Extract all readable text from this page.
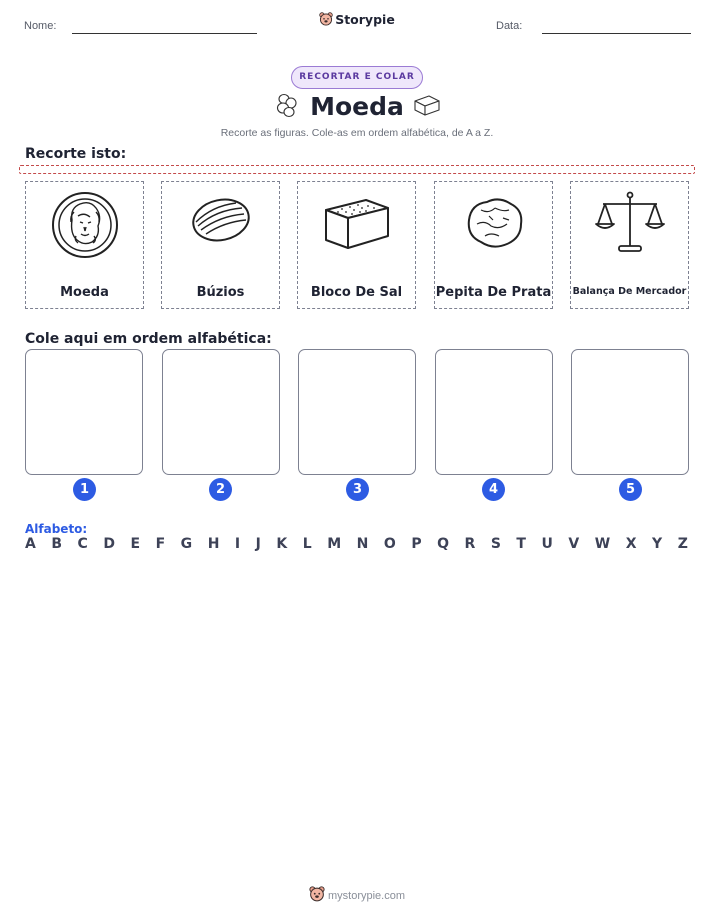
Nome:	Storypie	Data:
RECORTAR E COLAR
Moeda
Recorte as figuras. Cole-as em ordem alfabética, de A a Z.
Recorte isto:
Moeda	Búzios	Bloco De Sal	Pepita De Prata Balança De Mercador
Cole aqui em ordem alfabética:
1	2	3	4	5
Alfabeto:
A B C D E F G H I J K L M N O P Q R S T U V W X Y Z
mystorypie.com
